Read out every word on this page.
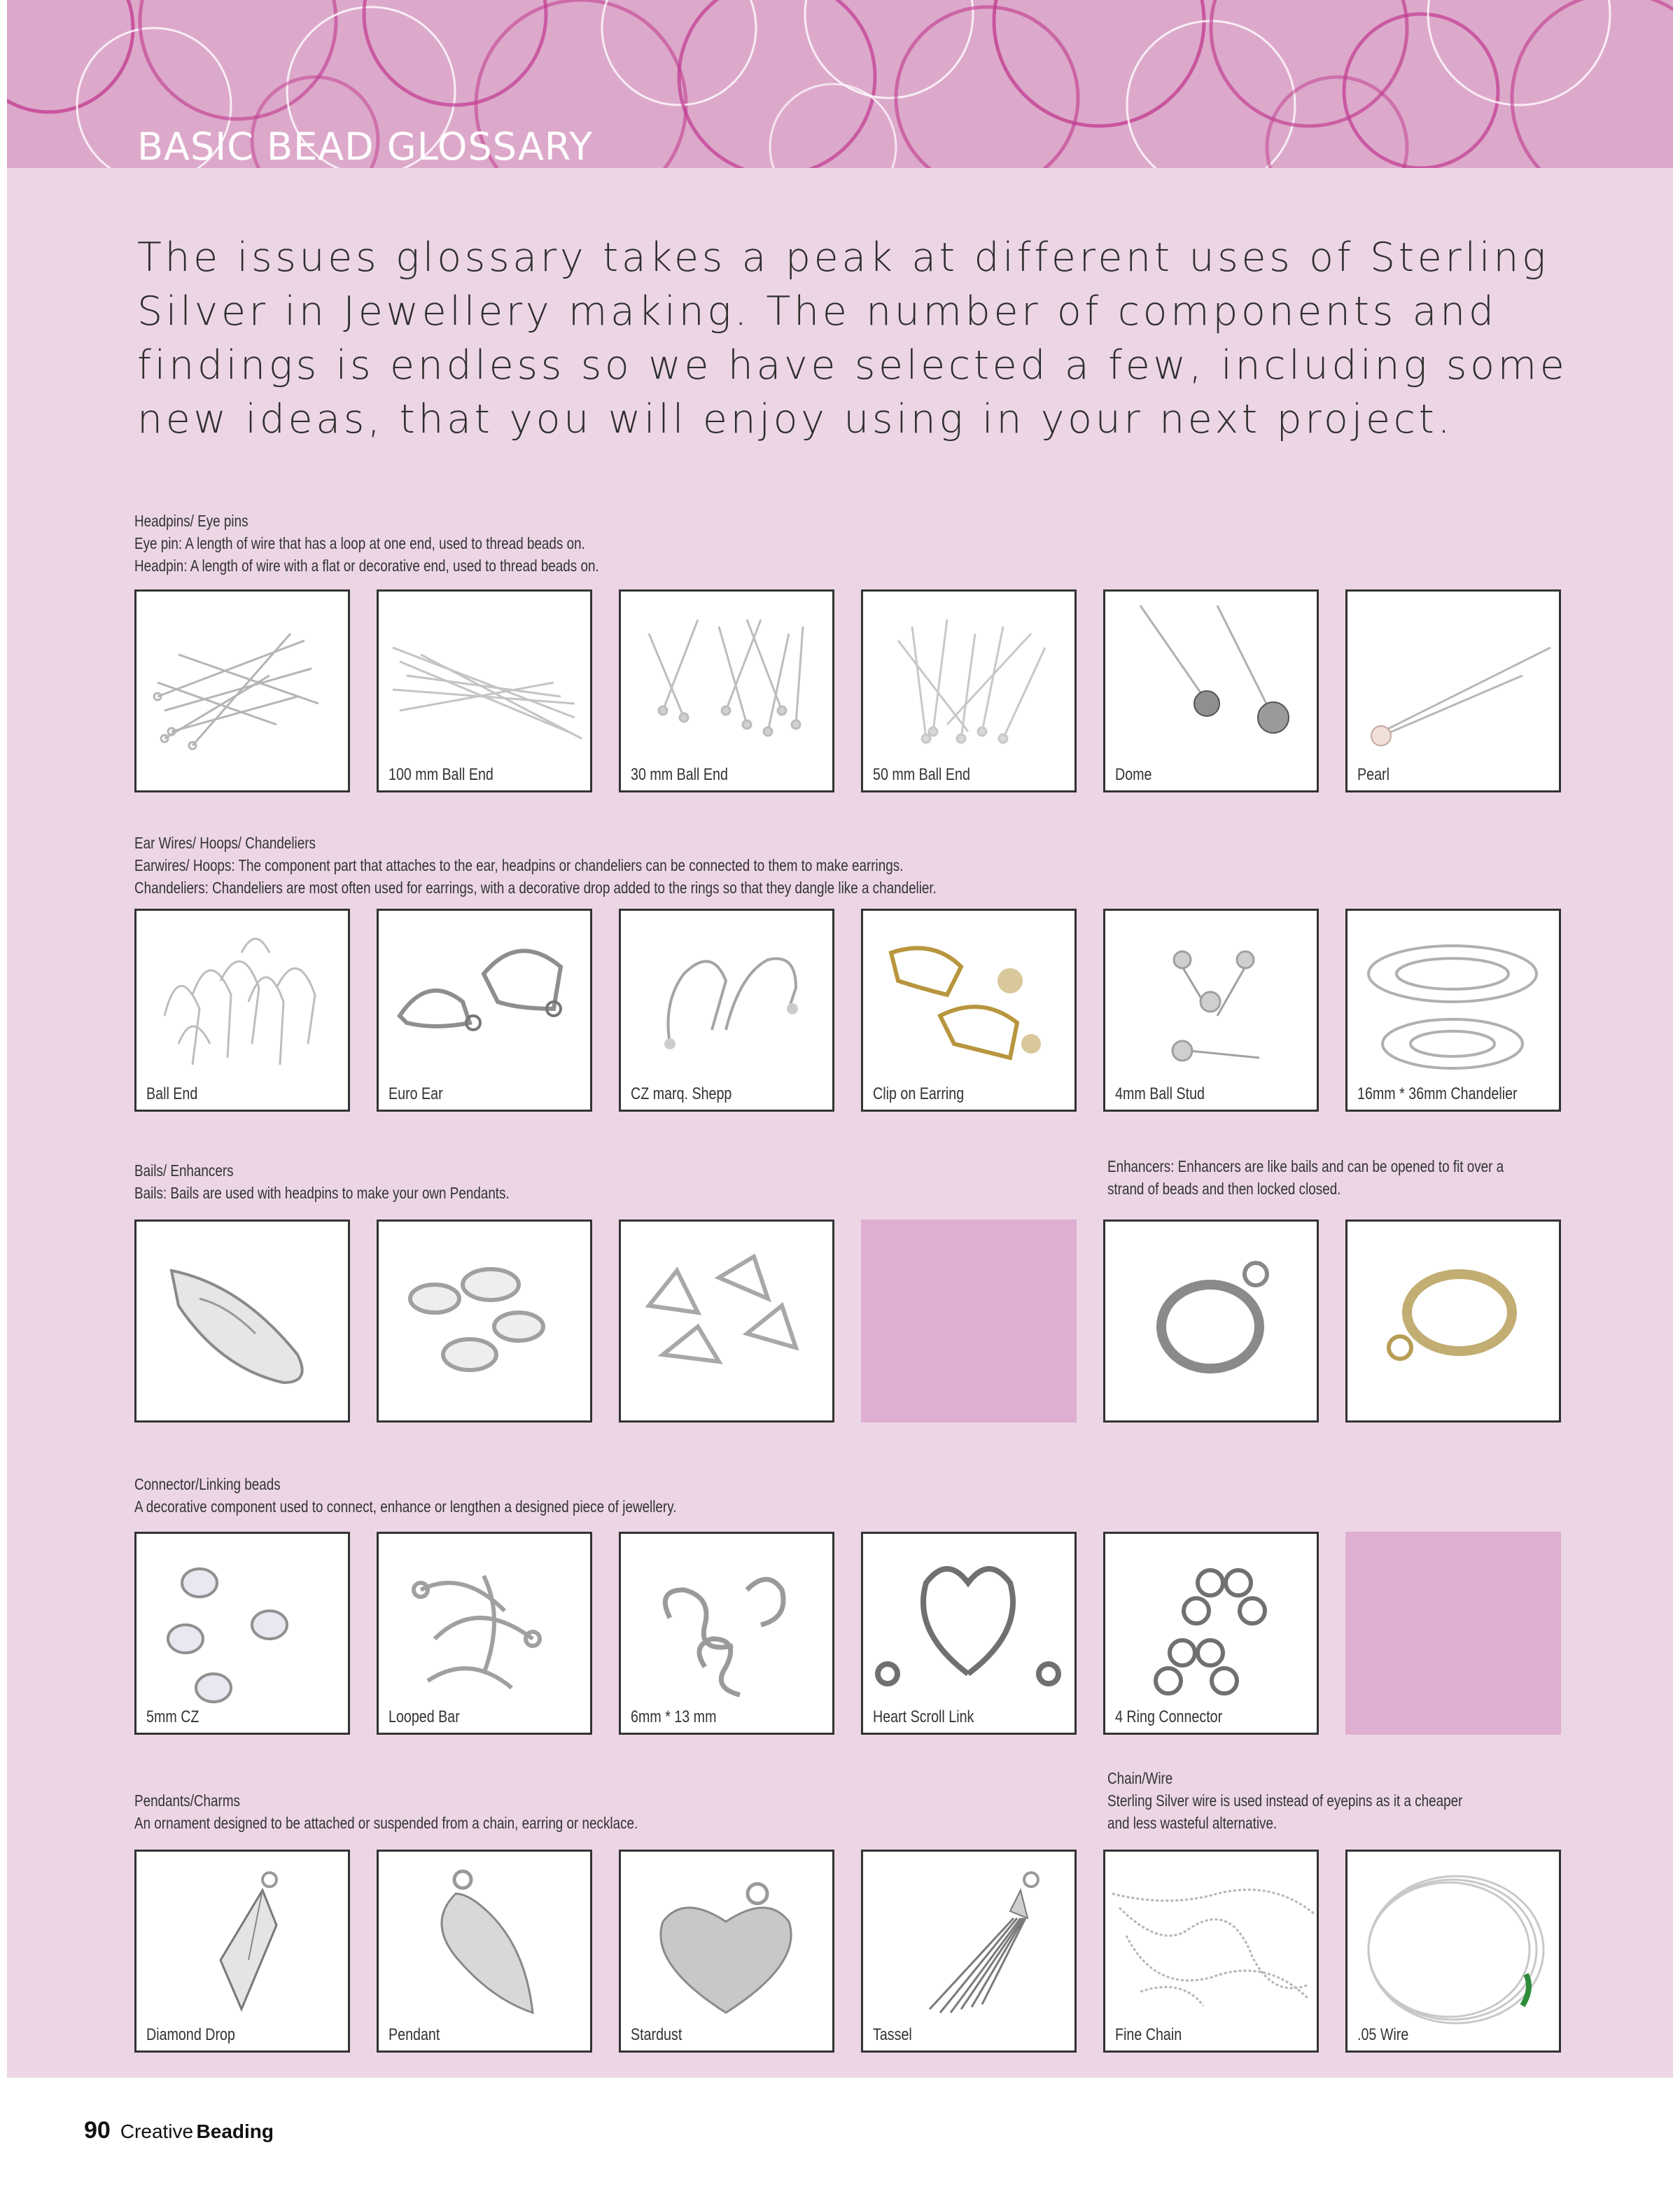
BASIC BEAD GLOSSARY
The issues glossary takes a peak at different uses of Sterling Silver in Jewellery making. The number of components and findings is endless so we have selected a few, including some new ideas, that you will enjoy using in your next project.
Headpins/ Eye pins
Eye pin: A length of wire that has a loop at one end, used to thread beads on.
Headpin: A length of wire with a flat or decorative end, used to thread beads on.
100 mm Ball End	30 mm Ball End	50 mm Ball End	Dome	Pearl
Ear Wires/ Hoops/ Chandeliers
Earwires/ Hoops: The component part that attaches to the ear, headpins or chandeliers can be connected to them to make earrings.
Chandeliers: Chandeliers are most often used for earrings, with a decorative drop added to the rings so that they dangle like a chandelier.
Ball End	Euro Ear	CZ marq. Shepp	Clip on Earring	4mm Ball Stud	16mm * 36mm Chandelier
Bails/ Enhancers
Bails: Bails are used with headpins to make your own Pendants.
Enhancers: Enhancers are like bails and can be opened to fit over a
strand of beads and then locked closed.
Connector/Linking beads
A decorative component used to connect, enhance or lengthen a designed piece of jewellery.
5mm CZ	Looped Bar	6mm * 13 mm	Heart Scroll Link	4 Ring Connector
Pendants/Charms
An ornament designed to be attached or suspended from a chain, earring or necklace.
Chain/Wire
Sterling Silver wire is used instead of eyepins as it a cheaper
and less wasteful alternative.
Diamond Drop	Pendant	Stardust	Tassel	Fine Chain	.05 Wire
90 Creative Beading
